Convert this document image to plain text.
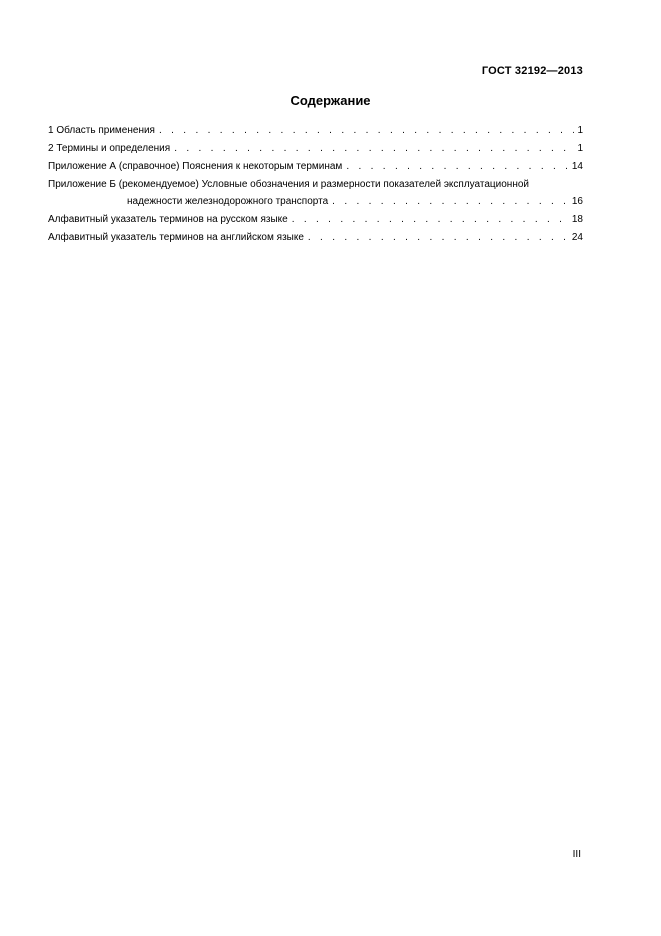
ГОСТ 32192—2013
Содержание
1 Область применения . . .	1
2 Термины и определения . . .	1
Приложение А (справочное) Пояснения к некоторым терминам . . .	14
Приложение Б (рекомендуемое) Условные обозначения и размерности показателей эксплуатационной
надежности железнодорожного транспорта . . .	16
Алфавитный указатель терминов на русском языке . . .	18
Алфавитный указатель терминов на английском языке . . .	24
III
